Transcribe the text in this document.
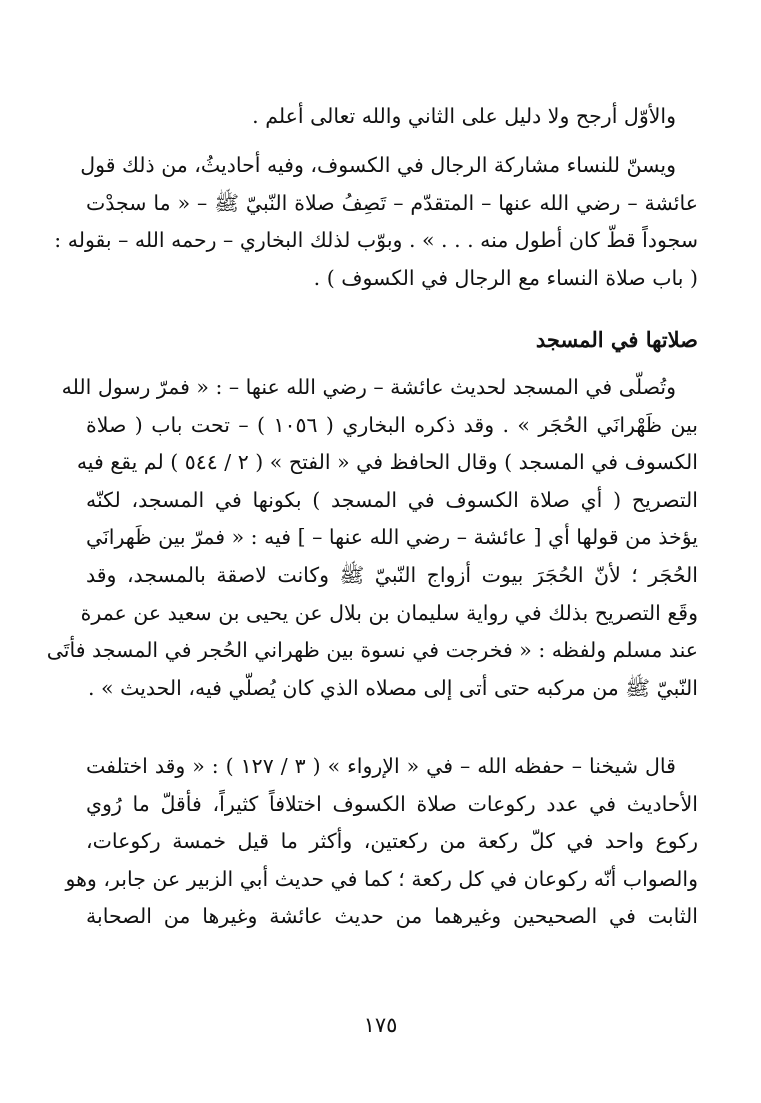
والأوّل أرجح ولا دليل على الثاني والله تعالى أعلم .
ويسنّ للنساء مشاركة الرجال في الكسوف، وفيه أحاديثُ، من ذلك قول
عائشة – رضي الله عنها – المتقدّم – تَصِفُ صلاة النّبيّ ﷺ – « ما سجدْت
سجوداً قطّ كان أطول منه . . . » . وبوّب لذلك البخاري – رحمه الله – بقوله :
( باب صلاة النساء مع الرجال في الكسوف ) .
صلاتها في المسجد
وتُصلّى في المسجد لحديث عائشة – رضي الله عنها – : « فمرّ رسول الله
بين ظَهْرانَي الحُجَر » . وقد ذكره البخاري ( ١٠٥٦ ) – تحت باب ( صلاة
الكسوف في المسجد ) وقال الحافظ في « الفتح » ( ٢ / ٥٤٤ ) لم يقع فيه
التصريح ( أي صلاة الكسوف في المسجد ) بكونها في المسجد، لكنّه
يؤخذ من قولها أي [ عائشة – رضي الله عنها – ] فيه : « فمرّ بين ظَهرانَي
الحُجَر ؛ لأنّ الحُجَرَ بيوت أزواج النّبيّ ﷺ وكانت لاصقة بالمسجد، وقد
وقَع التصريح بذلك في رواية سليمان بن بلال عن يحيى بن سعيد عن عمرة
عند مسلم ولفظه : « فخرجت في نسوة بين ظهراني الحُجر في المسجد فأتَى
النّبيّ ﷺ من مركبه حتى أتى إلى مصلاه الذي كان يُصلّي فيه، الحديث » .
قال شيخنا – حفظه الله – في « الإرواء » ( ٣ / ١٢٧ ) : « وقد اختلفت
الأحاديث في عدد ركوعات صلاة الكسوف اختلافاً كثيراً، فأقلّ ما رُوي
ركوع واحد في كلّ ركعة من ركعتين، وأكثر ما قيل خمسة ركوعات،
والصواب أنّه ركوعان في كل ركعة ؛ كما في حديث أبي الزبير عن جابر، وهو
الثابت في الصحيحين وغيرهما من حديث عائشة وغيرها من الصحابة
١٧٥
